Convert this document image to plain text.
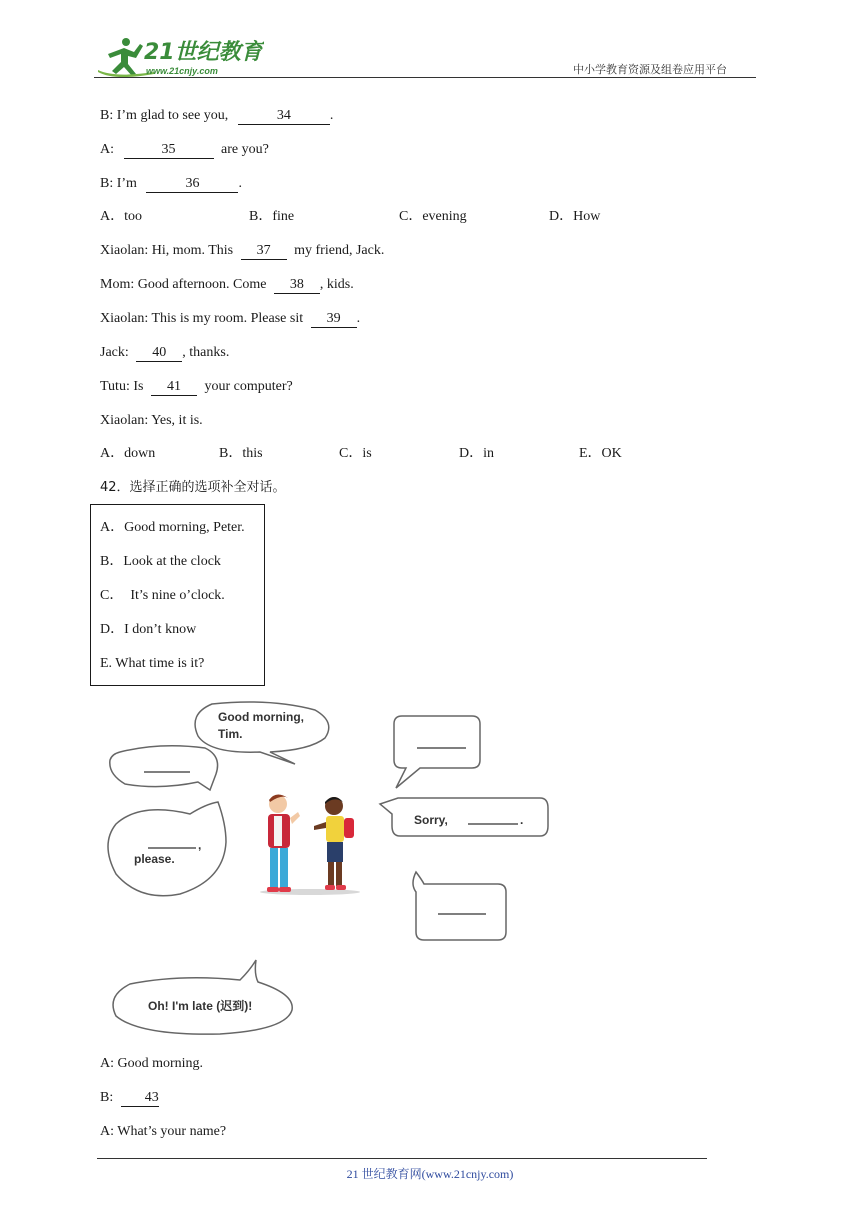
21世纪教育
www.21cnjy.com	中小学教育资源及组卷应用平台
B: I’m glad to see you,	34	.
A:	35	are you?
B: I’m	36	.
A．too	B．fine	C．evening	D．How
Xiaolan: Hi, mom. This 37 my friend, Jack.
Mom: Good afternoon. Come 38 , kids.
Xiaolan: This is my room. Please sit 39 .
Jack: 40 , thanks.
Tutu: Is 41 your computer?
Xiaolan: Yes, it is.
A．down	B．this	C．is	D．in	E．OK
42．选择正确的选项补全对话。
A．Good morning, Peter.
B．Look at the clock
C．  It’s nine o’clock.
D．I don’t know
E. What time is it?
Good morning,
Tim.
,
please.
Sorry,	.
Oh! I'm late (迟到)!
A: Good morning.
B: 43
A: What’s your name?
21 世纪教育网(www.21cnjy.com)
